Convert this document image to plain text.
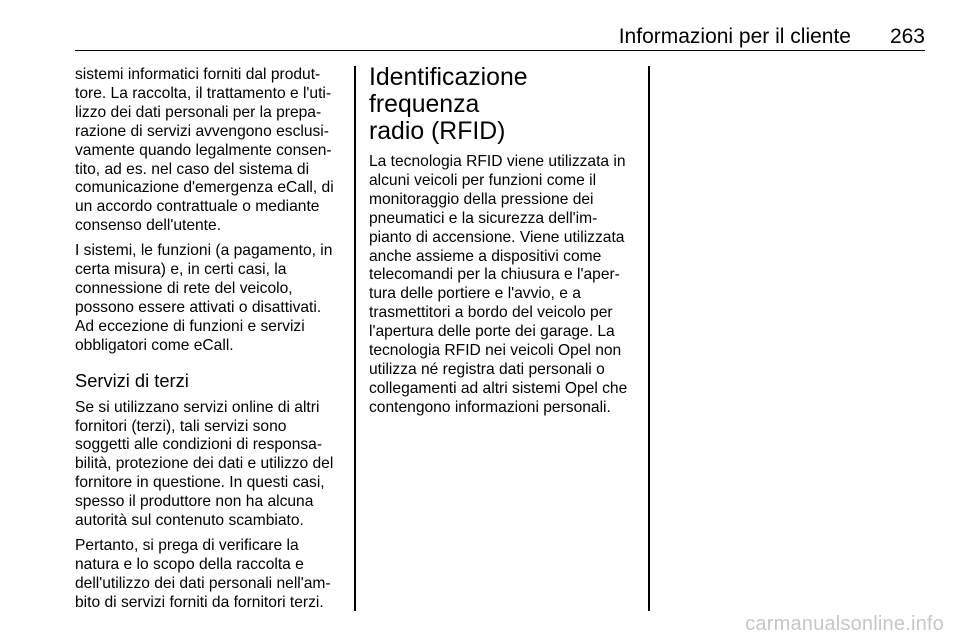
Informazioni per il cliente 263

sistemi informatici forniti dal produt-
tore. La raccolta, il trattamento e l'uti-
lizzo dei dati personali per la prepa-
razione di servizi avvengono esclusi-
vamente quando legalmente consen-
tito, ad es. nel caso del sistema di
comunicazione d'emergenza eCall, di
un accordo contrattuale o mediante
consenso dell'utente.

I sistemi, le funzioni (a pagamento, in
certa misura) e, in certi casi, la
connessione di rete del veicolo,
possono essere attivati o disattivati.
Ad eccezione di funzioni e servizi
obbligatori come eCall.

Servizi di terzi

Se si utilizzano servizi online di altri
fornitori (terzi), tali servizi sono
soggetti alle condizioni di responsa-
bilità, protezione dei dati e utilizzo del
fornitore in questione. In questi casi,
spesso il produttore non ha alcuna
autorità sul contenuto scambiato.

Pertanto, si prega di verificare la
natura e lo scopo della raccolta e
dell'utilizzo dei dati personali nell'am-
bito di servizi forniti da fornitori terzi.

Identificazione frequenza
radio (RFID)

La tecnologia RFID viene utilizzata in
alcuni veicoli per funzioni come il
monitoraggio della pressione dei
pneumatici e la sicurezza dell'im-
pianto di accensione. Viene utilizzata
anche assieme a dispositivi come
telecomandi per la chiusura e l'aper-
tura delle portiere e l'avvio, e a
trasmettitori a bordo del veicolo per
l'apertura delle porte dei garage. La
tecnologia RFID nei veicoli Opel non
utilizza né registra dati personali o
collegamenti ad altri sistemi Opel che
contengono informazioni personali.

carmanualsonline.info
